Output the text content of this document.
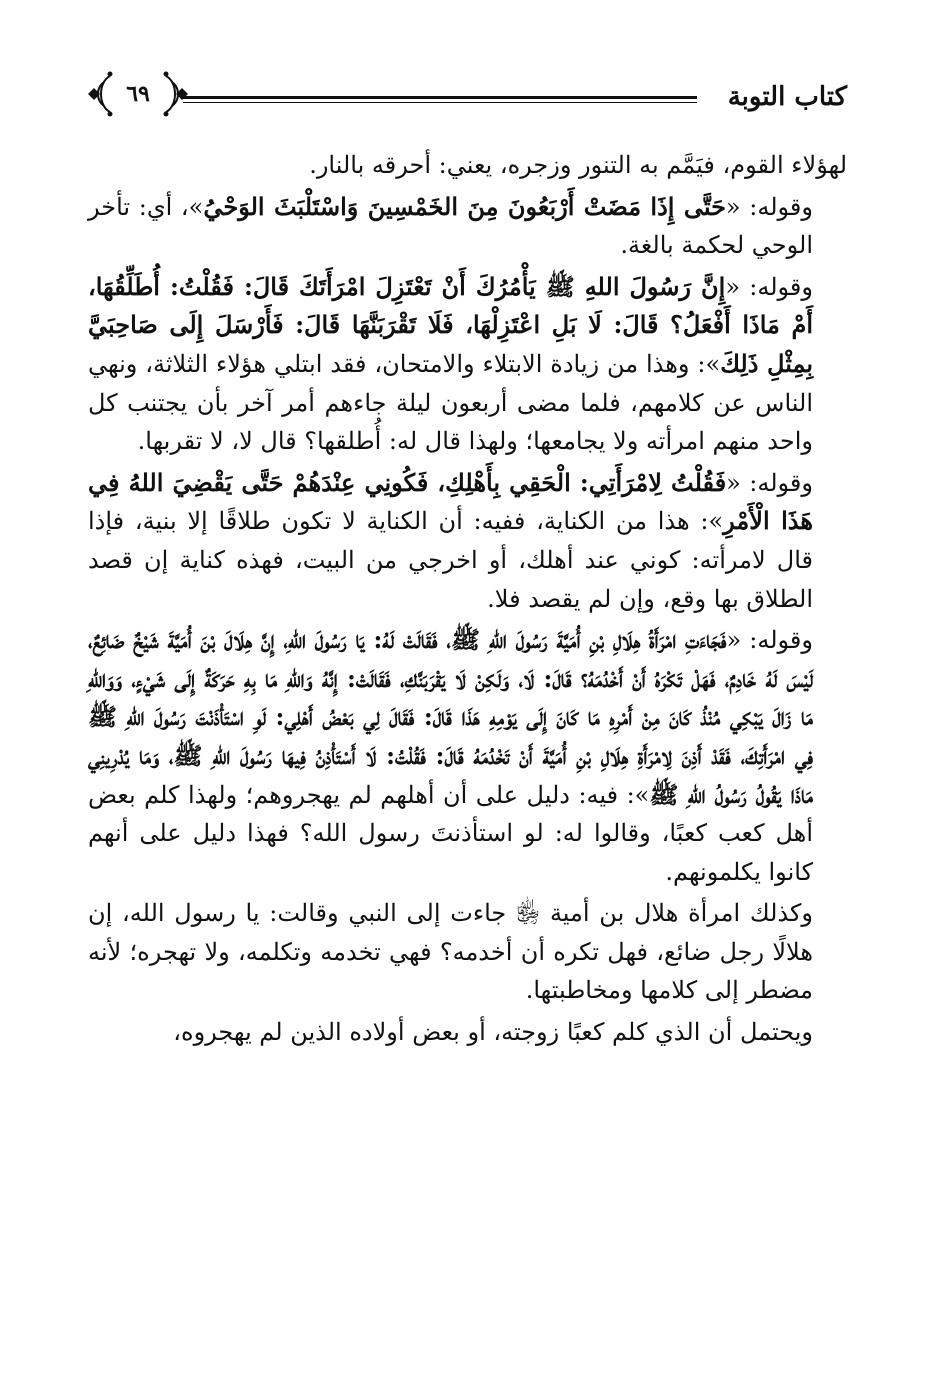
كتاب التوبة
٦٩

لهؤلاء القوم، فيَمَّم به التنور وزجره، يعني: أحرقه بالنار.

وقوله: «حَتَّى إِذَا مَضَتْ أَرْبَعُونَ مِنَ الخَمْسِينَ وَاسْتَلْبَثَ الوَحْيُ»، أي: تأخر الوحي لحكمة بالغة.

وقوله: «إِنَّ رَسُولَ اللهِ ﷺ يَأْمُرُكَ أَنْ تَعْتَزِلَ امْرَأَتَكَ قَالَ: فَقُلْتُ: أُطَلِّقُهَا، أَمْ مَاذَا أَفْعَلُ؟ قَالَ: لَا بَلِ اعْتَزِلْهَا، فَلَا تَقْرَبَنَّهَا قَالَ: فَأَرْسَلَ إِلَى صَاحِبَيَّ بِمِثْلِ ذَلِكَ»: وهذا من زيادة الابتلاء والامتحان، فقد ابتلي هؤلاء الثلاثة، ونهي الناس عن كلامهم، فلما مضى أربعون ليلة جاءهم أمر آخر بأن يجتنب كل واحد منهم امرأته ولا يجامعها؛ ولهذا قال له: أُطلقها؟ قال لا، لا تقربها.

وقوله: «فَقُلْتُ لِامْرَأَتِي: الْحَقِي بِأَهْلِكِ، فَكُونِي عِنْدَهُمْ حَتَّى يَقْضِيَ اللهُ فِي هَذَا الْأَمْرِ»: هذا من الكناية، ففيه: أن الكناية لا تكون طلاقًا إلا بنية، فإذا قال لامرأته: كوني عند أهلك، أو اخرجي من البيت، فهذه كناية إن قصد الطلاق بها وقع، وإن لم يقصد فلا.

وقوله: «فَجَاءَتِ امْرَأَةُ هِلَالِ بْنِ أُمَيَّةَ رَسُولَ اللهِ ﷺ، فَقَالَتْ لَهُ: يَا رَسُولَ اللهِ، إِنَّ هِلَالَ بْنَ أُمَيَّةَ شَيْخٌ ضَائِعٌ، لَيْسَ لَهُ خَادِمٌ، فَهَلْ تَكْرَهُ أَنْ أَخْدُمَهُ؟ قَالَ: لَا، وَلَكِنْ لَا يَقْرَبَنَّكِ، فَقَالَتْ: إِنَّهُ وَاللهِ مَا بِهِ حَرَكَةٌ إِلَى شَيْءٍ، وَوَاللهِ مَا زَالَ يَبْكِي مُنْذُ كَانَ مِنْ أَمْرِهِ مَا كَانَ إِلَى يَوْمِهِ هَذَا قَالَ: فَقَالَ لِي بَعْضُ أَهْلِي: لَوِ اسْتَأْذَنْتَ رَسُولَ اللهِ ﷺ فِي امْرَأَتِكَ، فَقَدْ أَذِنَ لِامْرَأَةِ هِلَالِ بْنِ أُمَيَّةَ أَنْ تَخْدُمَهُ قَالَ: فَقُلْتُ: لَا أَسْتَأْذِنُ فِيهَا رَسُولَ اللهِ ﷺ، وَمَا يُدْرِينِي مَاذَا يَقُولُ رَسُولُ اللهِ ﷺ»: فيه: دليل على أن أهلهم لم يهجروهم؛ ولهذا كلم بعض أهل كعب كعبًا، وقالوا له: لو استأذنتَ رسول الله؟ فهذا دليل على أنهم كانوا يكلمونهم.

وكذلك امرأة هلال بن أمية ﵂ جاءت إلى النبي وقالت: يا رسول الله، إن هلالًا رجل ضائع، فهل تكره أن أخدمه؟ فهي تخدمه وتكلمه، ولا تهجره؛ لأنه مضطر إلى كلامها ومخاطبتها.

ويحتمل أن الذي كلم كعبًا زوجته، أو بعض أولاده الذين لم يهجروه،
